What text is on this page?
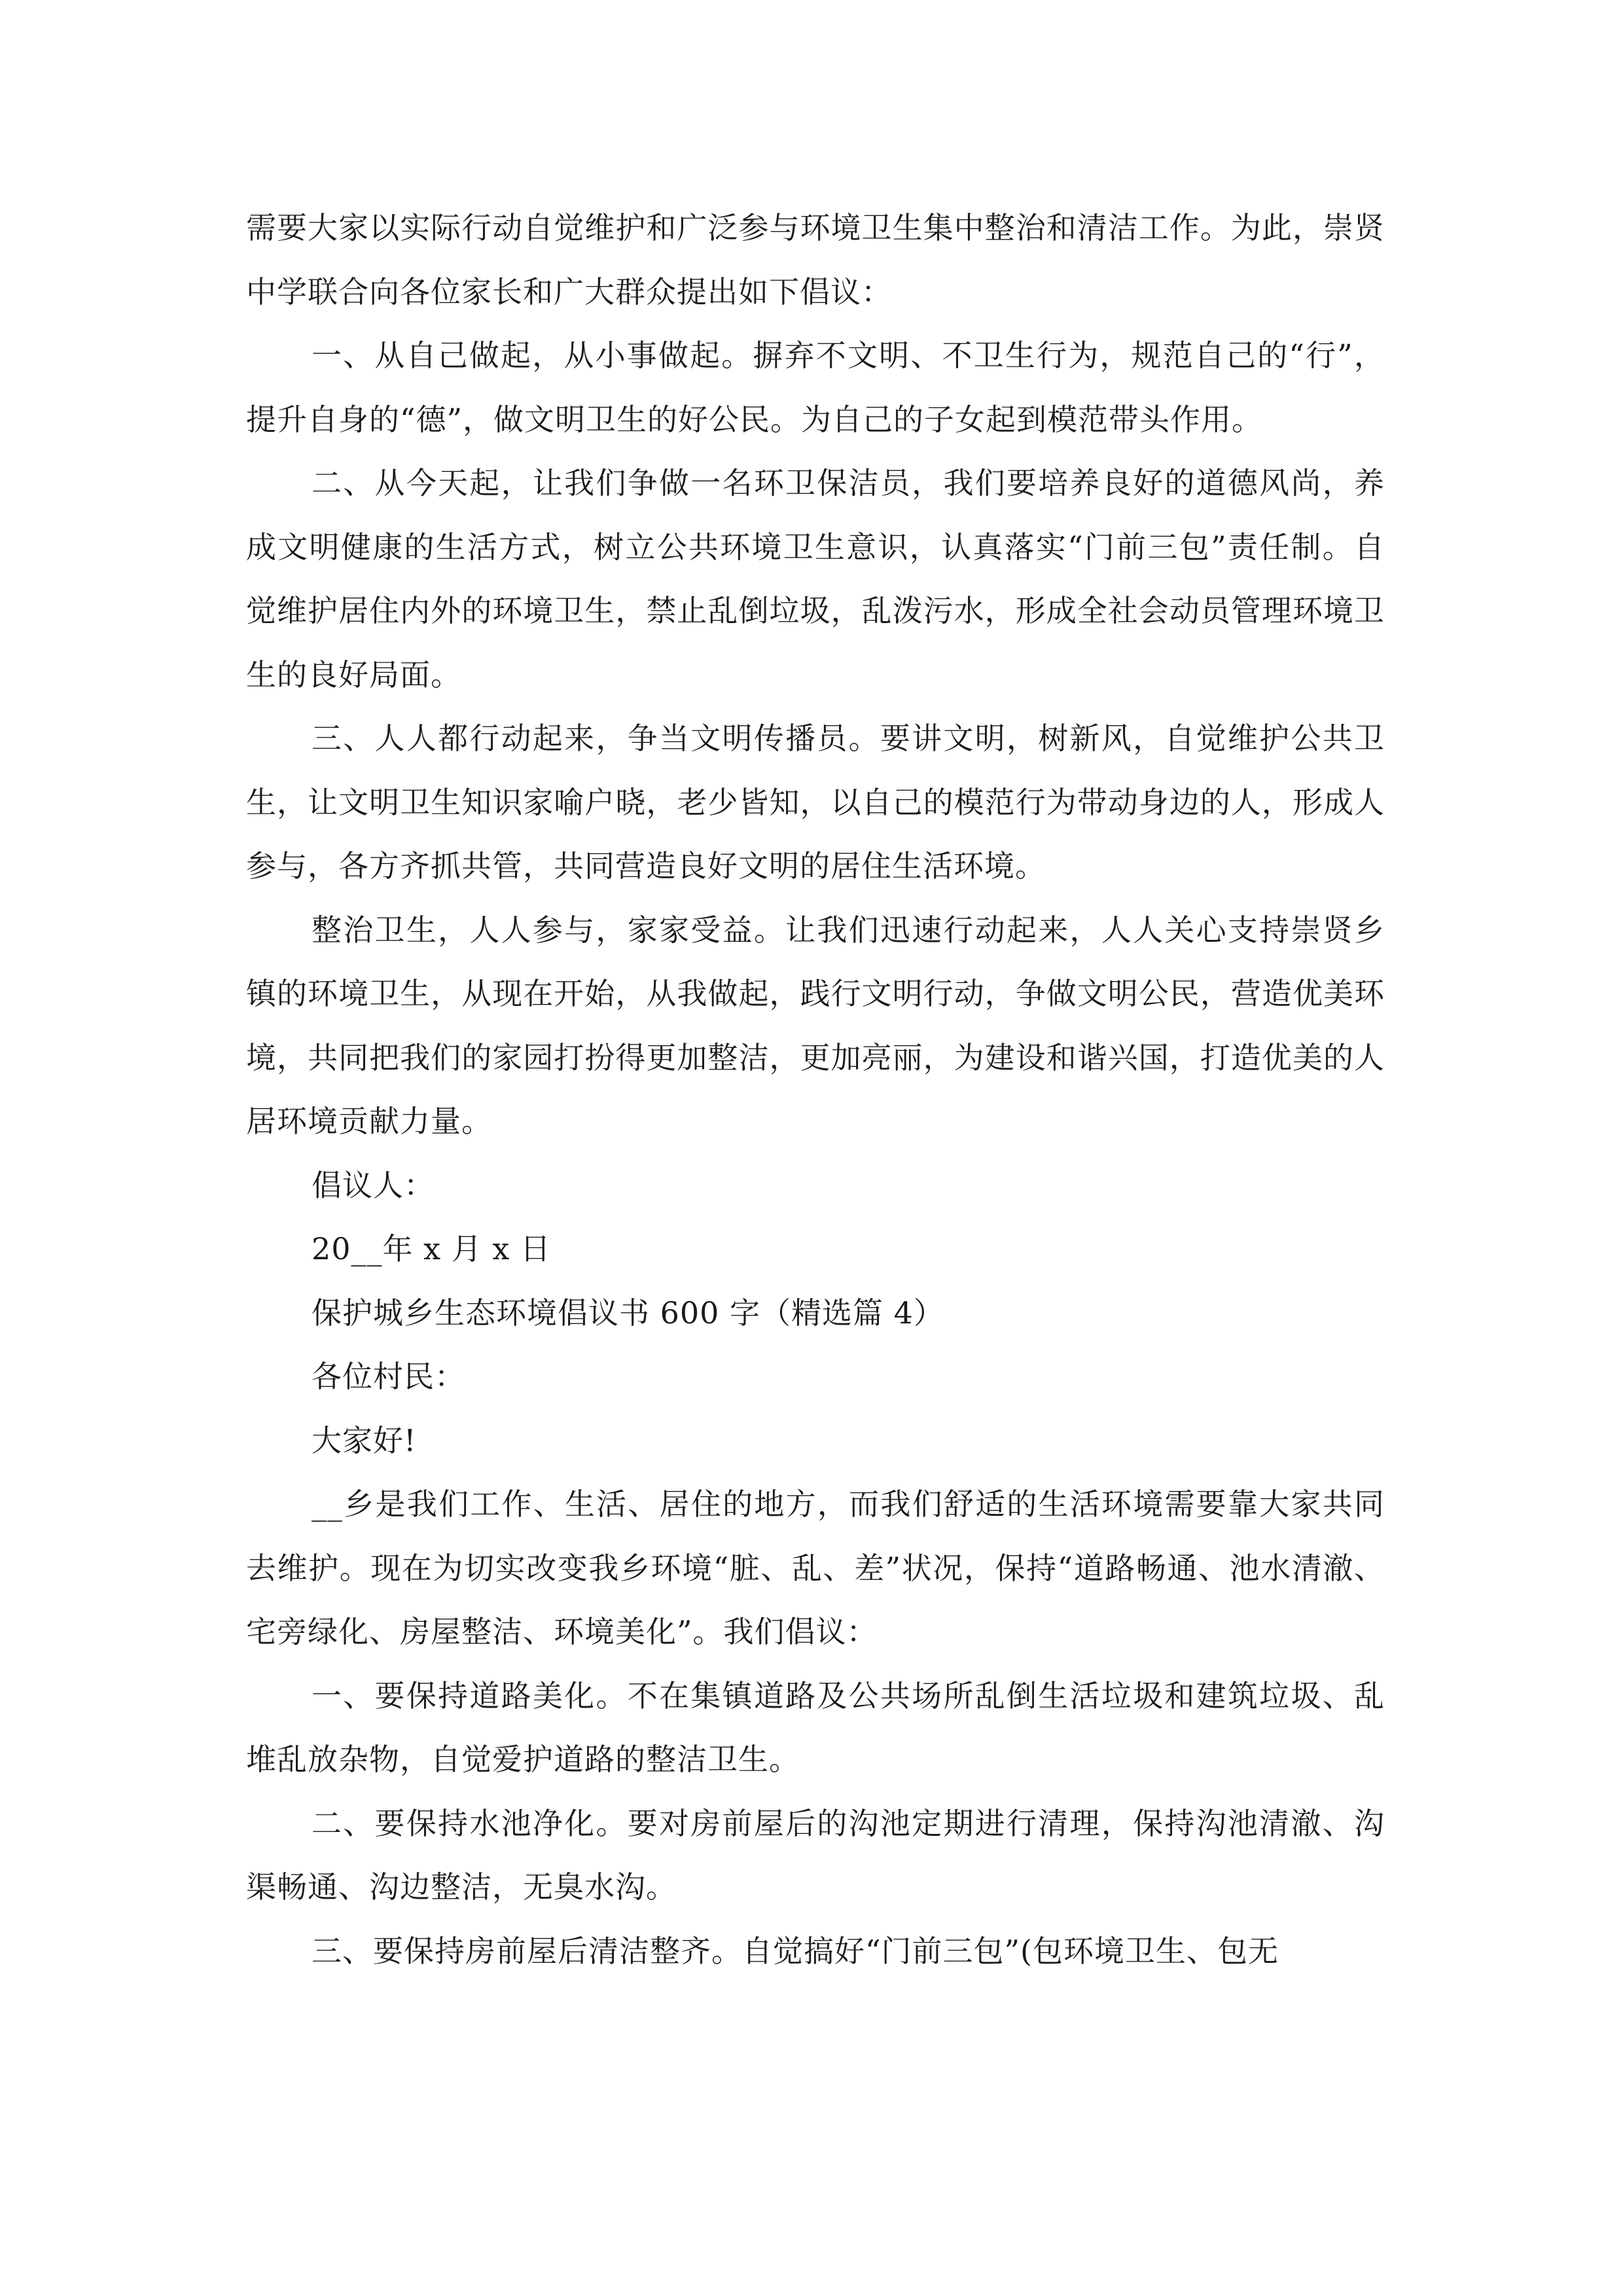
需要大家以实际行动自觉维护和广泛参与环境卫生集中整治和清洁工作。为此，崇贤中学联合向各位家长和广大群众提出如下倡议：

一、从自己做起，从小事做起。摒弃不文明、不卫生行为，规范自己的“行”，提升自身的“德”，做文明卫生的好公民。为自己的子女起到模范带头作用。

二、从今天起，让我们争做一名环卫保洁员，我们要培养良好的道德风尚，养成文明健康的生活方式，树立公共环境卫生意识，认真落实“门前三包”责任制。自觉维护居住内外的环境卫生，禁止乱倒垃圾，乱泼污水，形成全社会动员管理环境卫生的良好局面。

三、人人都行动起来，争当文明传播员。要讲文明，树新风，自觉维护公共卫生，让文明卫生知识家喻户晓，老少皆知，以自己的模范行为带动身边的人，形成人参与，各方齐抓共管，共同营造良好文明的居住生活环境。

整治卫生，人人参与，家家受益。让我们迅速行动起来，人人关心支持崇贤乡镇的环境卫生，从现在开始，从我做起，践行文明行动，争做文明公民，营造优美环境，共同把我们的家园打扮得更加整洁，更加亮丽，为建设和谐兴国，打造优美的人居环境贡献力量。

倡议人：

20__年 x 月 x 日

保护城乡生态环境倡议书 600 字（精选篇 4）

各位村民：

大家好!

__乡是我们工作、生活、居住的地方，而我们舒适的生活环境需要靠大家共同去维护。现在为切实改变我乡环境“脏、乱、差”状况，保持“道路畅通、池水清澈、宅旁绿化、房屋整洁、环境美化”。我们倡议：

一、要保持道路美化。不在集镇道路及公共场所乱倒生活垃圾和建筑垃圾、乱堆乱放杂物，自觉爱护道路的整洁卫生。

二、要保持水池净化。要对房前屋后的沟池定期进行清理，保持沟池清澈、沟渠畅通、沟边整洁，无臭水沟。

三、要保持房前屋后清洁整齐。自觉搞好“门前三包”(包环境卫生、包无
